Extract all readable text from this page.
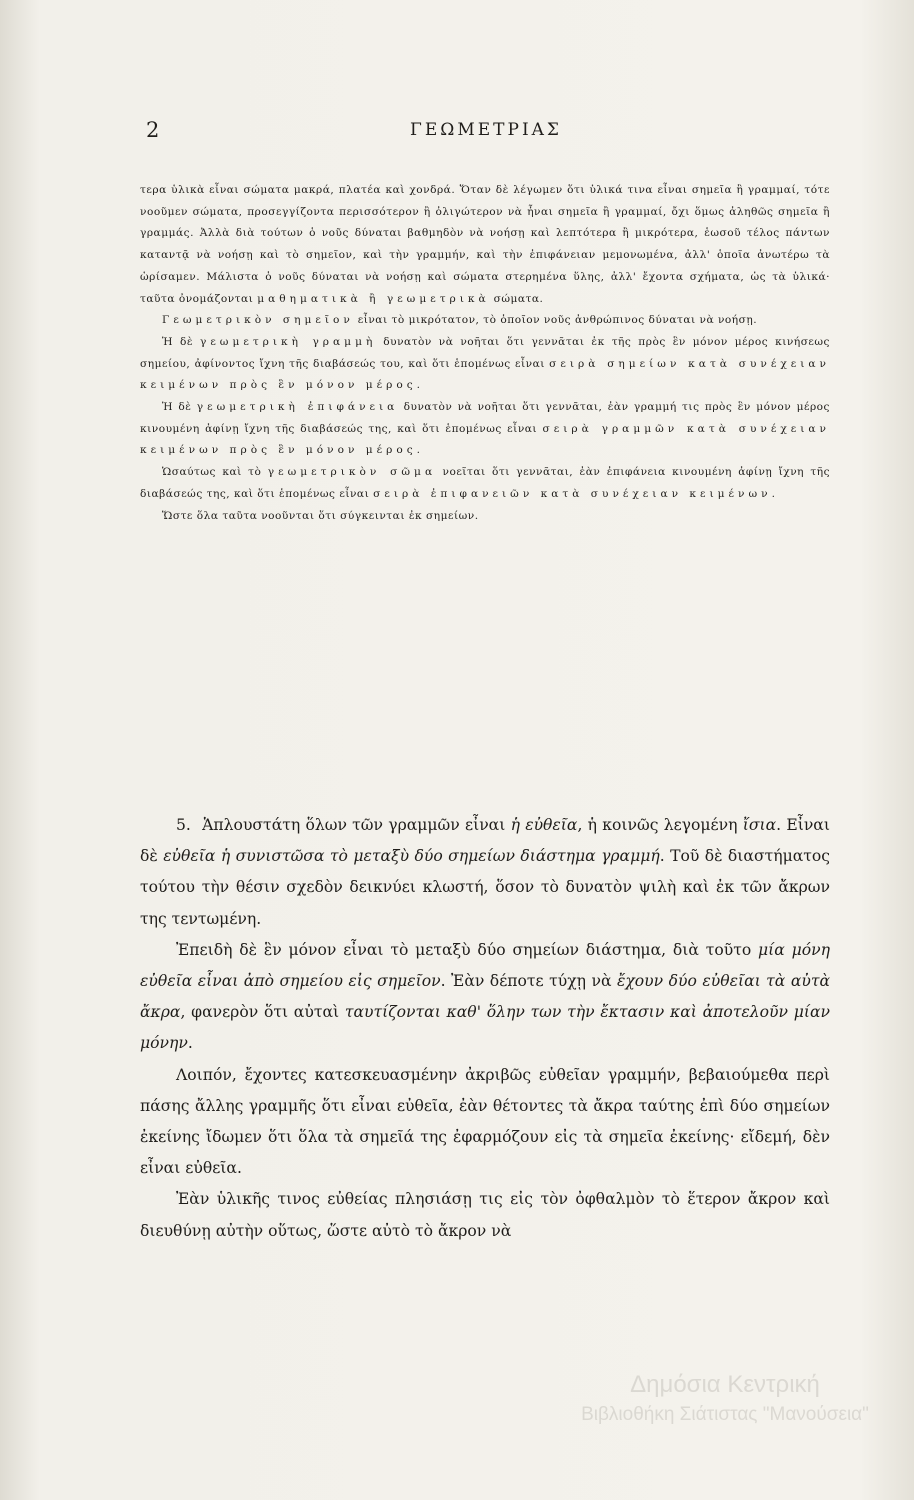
Δημόσια Κεντρική
Βιβλιοθήκη Σιάτιστας "Μανούσεια"
2	ΓΕΩΜΕΤΡΙΑΣ

τερα ὑλικὰ εἶναι σώματα μακρά, πλατέα καὶ χονδρά. Ὅταν δὲ λέγωμεν ὅτι ὑλικά τινα εἶναι σημεῖα ἢ γραμμαί, τότε νοοῦμεν σώματα, προσεγγίζοντα περισσότερον ἢ ὀλιγώτερον νὰ ἦναι σημεῖα ἢ γραμμαί, ὄχι ὅμως ἀληθῶς σημεῖα ἢ γραμμάς. Ἀλλὰ διὰ τούτων ὁ νοῦς δύναται βαθμηδὸν νὰ νοήσῃ καὶ λεπτότερα ἢ μικρότερα, ἑωσοῦ τέλος πάντων καταντᾷ νὰ νοήσῃ καὶ τὸ σημεῖον, καὶ τὴν γραμμήν, καὶ τὴν ἐπιφάνειαν μεμονωμένα, ἀλλ' ὁποῖα ἀνωτέρω τὰ ὡρίσαμεν. Μάλιστα ὁ νοῦς δύναται νὰ νοήσῃ καὶ σώματα στερημένα ὕλης, ἀλλ' ἔχοντα σχήματα, ὡς τὰ ὑλικά· ταῦτα ὀνομάζονται μαθηματικὰ ἢ γεωμετρικὰ σώματα.

Γεωμετρικὸν σημεῖον εἶναι τὸ μικρότατον, τὸ ὁποῖον νοῦς ἀνθρώπινος δύναται νὰ νοήσῃ.

Ἡ δὲ γεωμετρικὴ γραμμὴ δυνατὸν νὰ νοῆται ὅτι γεννᾶται ἐκ τῆς πρὸς ἓν μόνον μέρος κινήσεως σημείου, ἀφίνοντος ἴχνη τῆς διαβάσεώς του, καὶ ὅτι ἑπομένως εἶναι σειρὰ σημείων κατὰ συνέχειαν κειμένων πρὸς ἓν μόνον μέρος.

Ἡ δὲ γεωμετρικὴ ἐπιφάνεια δυνατὸν νὰ νοῆται ὅτι γεννᾶται, ἐὰν γραμμή τις πρὸς ἓν μόνον μέρος κινουμένη ἀφίνῃ ἴχνη τῆς διαβάσεώς της, καὶ ὅτι ἑπομένως εἶναι σειρὰ γραμμῶν κατὰ συνέχειαν κειμένων πρὸς ἓν μόνον μέρος.

Ὡσαύτως καὶ τὸ γεωμετρικὸν σῶμα νοεῖται ὅτι γεννᾶται, ἐὰν ἐπιφάνεια κινουμένη ἀφίνῃ ἴχνη τῆς διαβάσεώς της, καὶ ὅτι ἑπομένως εἶναι σειρὰ ἐπιφανειῶν κατὰ συνέχειαν κειμένων.

Ὥστε ὅλα ταῦτα νοοῦνται ὅτι σύγκεινται ἐκ σημείων.

5. Ἁπλουστάτη ὅλων τῶν γραμμῶν εἶναι ἡ εὐθεῖα, ἡ κοινῶς λεγομένη ἴσια. Εἶναι δὲ εὐθεῖα ἡ συνιστῶσα τὸ μεταξὺ δύο σημείων διάστημα γραμμή. Τοῦ δὲ διαστήματος τούτου τὴν θέσιν σχεδὸν δεικνύει κλωστή, ὅσον τὸ δυνατὸν ψιλὴ καὶ ἐκ τῶν ἄκρων της τεντωμένη.

Ἐπειδὴ δὲ ἓν μόνον εἶναι τὸ μεταξὺ δύο σημείων διάστημα, διὰ τοῦτο μία μόνη εὐθεῖα εἶναι ἀπὸ σημείου εἰς σημεῖον. Ἐὰν δέποτε τύχῃ νὰ ἔχουν δύο εὐθεῖαι τὰ αὐτὰ ἄκρα, φανερὸν ὅτι αὐταὶ ταυτίζονται καθ' ὅλην των τὴν ἔκτασιν καὶ ἀποτελοῦν μίαν μόνην.

Λοιπόν, ἔχοντες κατεσκευασμένην ἀκριβῶς εὐθεῖαν γραμμήν, βεβαιούμεθα περὶ πάσης ἄλλης γραμμῆς ὅτι εἶναι εὐθεῖα, ἐὰν θέτοντες τὰ ἄκρα ταύτης ἐπὶ δύο σημείων ἐκείνης ἴδωμεν ὅτι ὅλα τὰ σημεῖά της ἐφαρμόζουν εἰς τὰ σημεῖα ἐκείνης· εἴδεμή, δὲν εἶναι εὐθεῖα.

Ἐὰν ὑλικῆς τινος εὐθείας πλησιάσῃ τις εἰς τὸν ὀφθαλμὸν τὸ ἕτερον ἄκρον καὶ διευθύνῃ αὐτὴν οὕτως, ὥστε αὐτὸ τὸ ἄκρον νὰ
